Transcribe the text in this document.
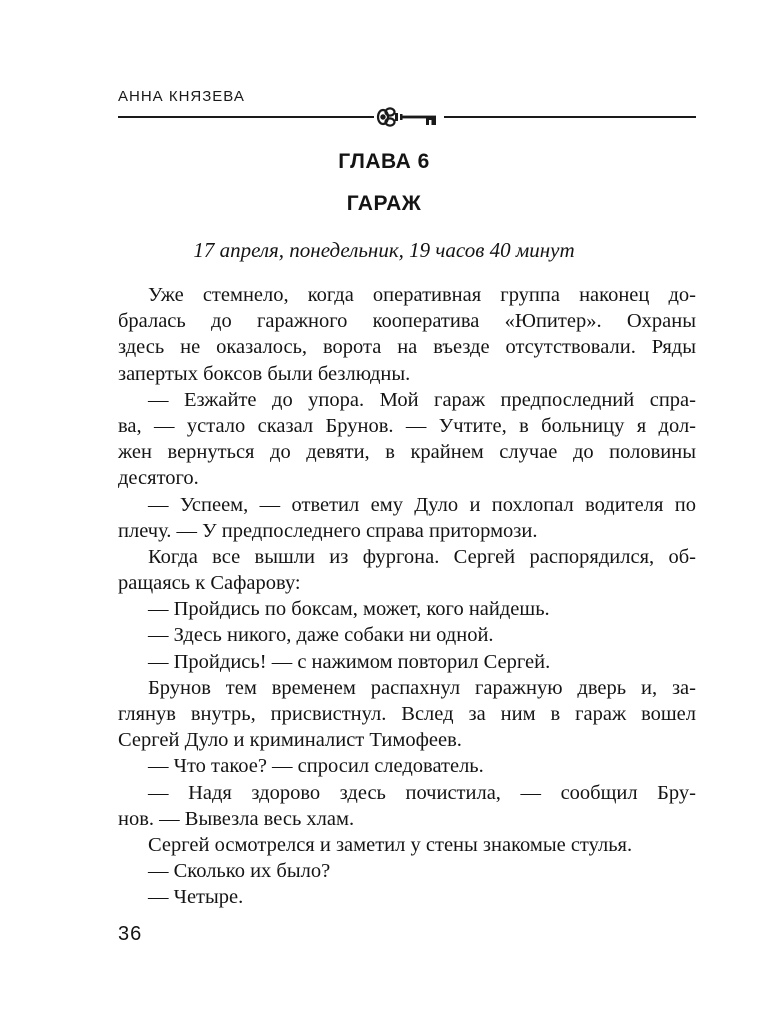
АННА КНЯЗЕВА
ГЛАВА 6
ГАРАЖ
17 апреля, понедельник, 19 часов 40 минут
Уже стемнело, когда оперативная группа наконец до-
бралась до гаражного кооператива «Юпитер». Охраны
здесь не оказалось, ворота на въезде отсутствовали. Ряды
запертых боксов были безлюдны.
— Езжайте до упора. Мой гараж предпоследний спра-
ва, — устало сказал Брунов. — Учтите, в больницу я дол-
жен вернуться до девяти, в крайнем случае до половины
десятого.
— Успеем, — ответил ему Дуло и похлопал водителя по
плечу. — У предпоследнего справа притормози.
Когда все вышли из фургона. Сергей распорядился, об-
ращаясь к Сафарову:
— Пройдись по боксам, может, кого найдешь.
— Здесь никого, даже собаки ни одной.
— Пройдись! — с нажимом повторил Сергей.
Брунов тем временем распахнул гаражную дверь и, за-
глянув внутрь, присвистнул. Вслед за ним в гараж вошел
Сергей Дуло и криминалист Тимофеев.
— Что такое? — спросил следователь.
— Надя здорово здесь почистила, — сообщил Бру-
нов. — Вывезла весь хлам.
Сергей осмотрелся и заметил у стены знакомые стулья.
— Сколько их было?
— Четыре.
36
